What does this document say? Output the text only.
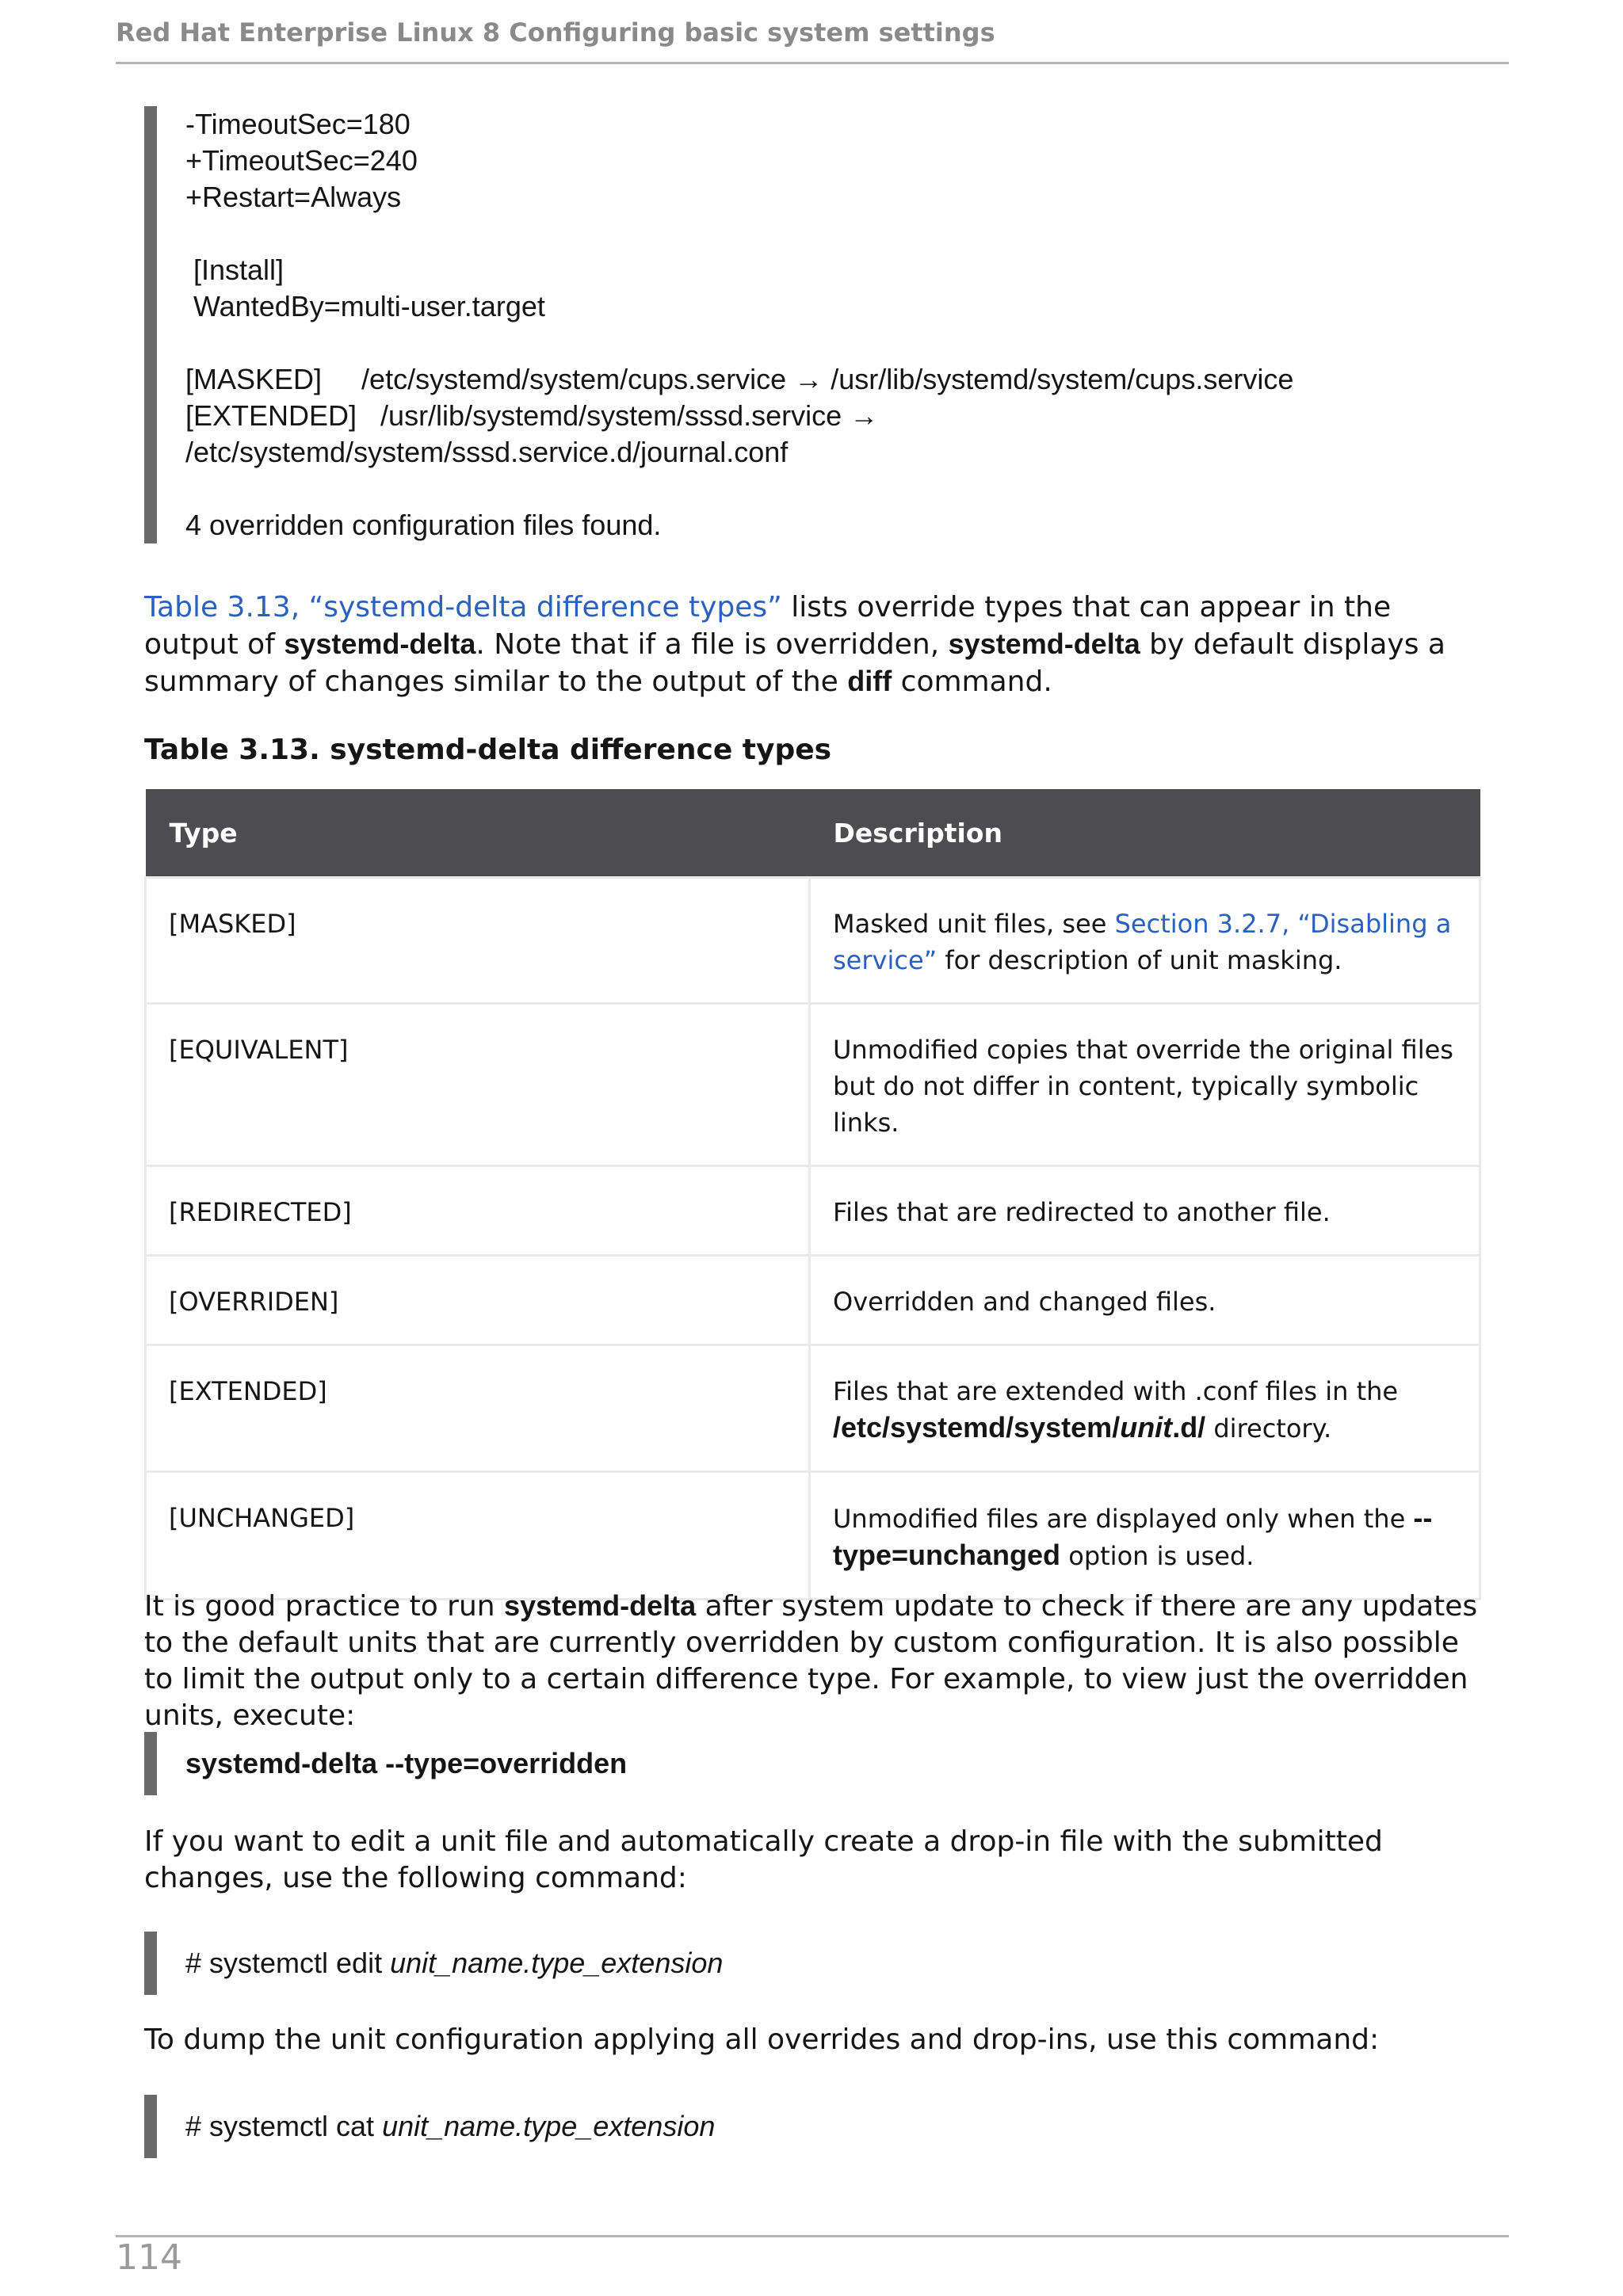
Red Hat Enterprise Linux 8 Configuring basic system settings
-TimeoutSec=180
+TimeoutSec=240
+Restart=Always
[Install]
WantedBy=multi-user.target
[MASKED]     /etc/systemd/system/cups.service → /usr/lib/systemd/system/cups.service
[EXTENDED]   /usr/lib/systemd/system/sssd.service →
/etc/systemd/system/sssd.service.d/journal.conf
4 overridden configuration files found.
Table 3.13, “systemd-delta difference types” lists override types that can appear in the output of systemd-delta. Note that if a file is overridden, systemd-delta by default displays a summary of changes similar to the output of the diff command.
Table 3.13. systemd-delta difference types
Type	Description
[MASKED]	Masked unit files, see Section 3.2.7, “Disabling a service” for description of unit masking.
[EQUIVALENT]	Unmodified copies that override the original files but do not differ in content, typically symbolic links.
[REDIRECTED]	Files that are redirected to another file.
[OVERRIDEN]	Overridden and changed files.
[EXTENDED]	Files that are extended with .conf files in the /etc/systemd/system/unit.d/ directory.
[UNCHANGED]	Unmodified files are displayed only when the --type=unchanged option is used.
It is good practice to run systemd-delta after system update to check if there are any updates to the default units that are currently overridden by custom configuration. It is also possible to limit the output only to a certain difference type. For example, to view just the overridden units, execute:
systemd-delta --type=overridden
If you want to edit a unit file and automatically create a drop-in file with the submitted changes, use the following command:
# systemctl edit unit_name.type_extension
To dump the unit configuration applying all overrides and drop-ins, use this command:
# systemctl cat unit_name.type_extension
114
